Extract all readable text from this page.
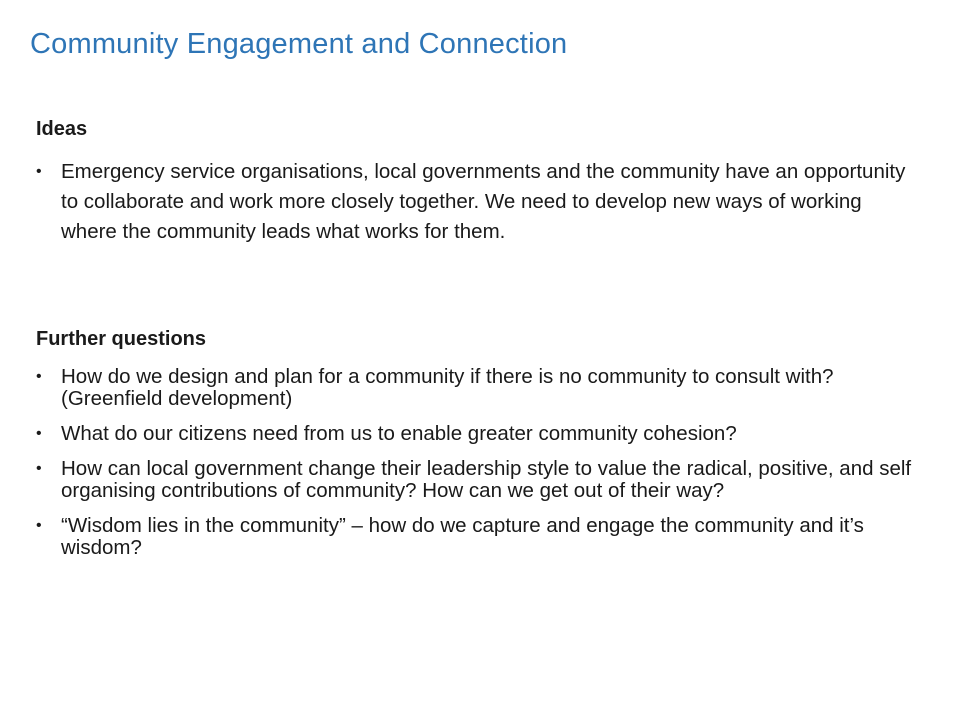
Community Engagement and Connection
Ideas
• Emergency service organisations, local governments and the community have an opportunity to collaborate and work more closely together. We need to develop new ways of working where the community leads what works for them.
Further questions
• How do we design and plan for a community if there is no community to consult with? (Greenfield development)
• What do our citizens need from us to enable greater community cohesion?
• How can local government change their leadership style to value the radical, positive, and self organising contributions of community? How can we get out of their way?
• “Wisdom lies in the community” – how do we capture and engage the community and it’s wisdom?
